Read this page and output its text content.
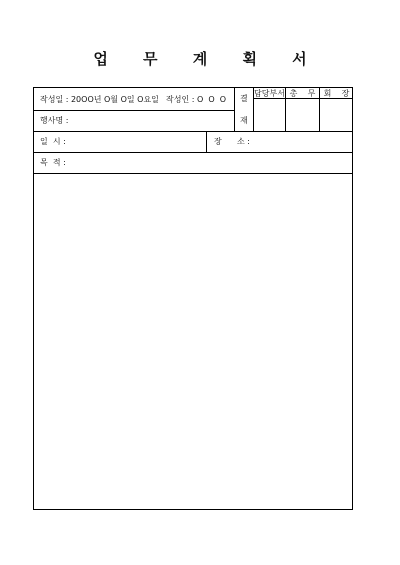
업 무 계 획 서
작성일 : 20OO년 O월 O일 O요일 작성인 : O  O  O
행사명 :
결
재
담당부서 총    무	회    장
일  시 :	장      소 :
목  적 :
